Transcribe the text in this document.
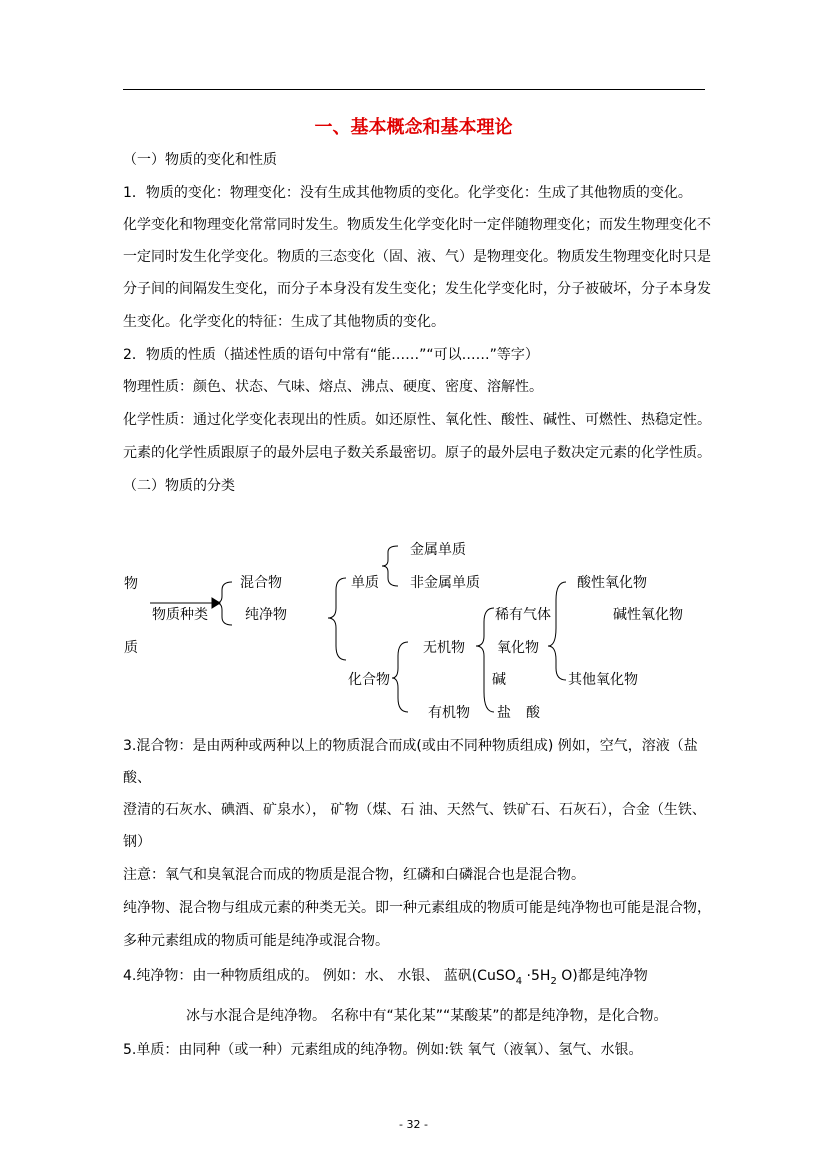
一、基本概念和基本理论
（一）物质的变化和性质
1．物质的变化：物理变化：没有生成其他物质的变化。化学变化：生成了其他物质的变化。
化学变化和物理变化常常同时发生。物质发生化学变化时一定伴随物理变化；而发生物理变化不
一定同时发生化学变化。物质的三态变化（固、液、气）是物理变化。物质发生物理变化时只是
分子间的间隔发生变化，而分子本身没有发生变化；发生化学变化时，分子被破坏，分子本身发
生变化。化学变化的特征：生成了其他物质的变化。
2．物质的性质（描述性质的语句中常有“能……”“可以……”等字）
物理性质：颜色、状态、气味、熔点、沸点、硬度、密度、溶解性。
化学性质：通过化学变化表现出的性质。如还原性、氧化性、酸性、碱性、可燃性、热稳定性。
元素的化学性质跟原子的最外层电子数关系最密切。原子的最外层电子数决定元素的化学性质。
（二）物质的分类
物
质
物质种类
混合物
纯净物
单质
化合物
金属单质
非金属单质
无机物
有机物
稀有气体
氧化物
碱
盐 酸
酸性氧化物
碱性氧化物
其他氧化物
3.混合物：是由两种或两种以上的物质混合而成(或由不同种物质组成) 例如，空气，溶液（盐
酸、
澄清的石灰水、碘酒、矿泉水）， 矿物（煤、石 油、天然气、铁矿石、石灰石），合金（生铁、
钢）
注意：氧气和臭氧混合而成的物质是混合物，红磷和白磷混合也是混合物。
纯净物、混合物与组成元素的种类无关。即一种元素组成的物质可能是纯净物也可能是混合物，
多种元素组成的物质可能是纯净或混合物。
4.纯净物：由一种物质组成的。 例如：水、 水银、 蓝矾(CuSO$_4$ $\cdot 5H_2$ O)都是纯净物
冰与水混合是纯净物。 名称中有“某化某”“某酸某”的都是纯净物，是化合物。
5.单质：由同种（或一种）元素组成的纯净物。例如:铁 氧气（液氧）、氢气、水银。
- 32 -
